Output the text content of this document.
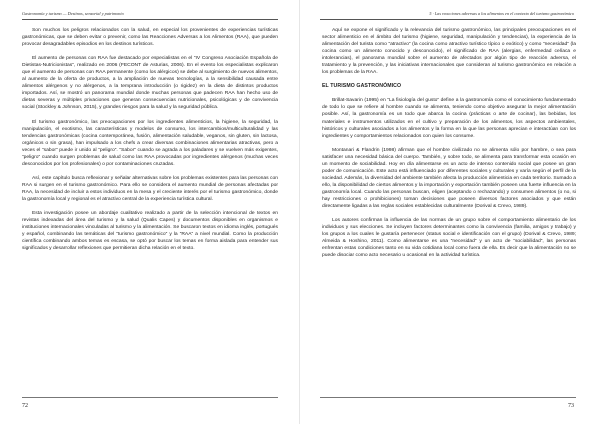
Gastronomía y turismo — Destinos, sensorial y patrimonio

Son muchos los peligros relacionados con la salud, en especial los provenientes de experiencias turísticas gastronómicas, que se deben evitar o prevenir, como las Reacciones Adversas a los Alimentos (RAA), que pueden provocar desagradables episodios en los destinos turísticos.

El aumento de personas con RAA fue destacado por especialistas en el “IV Congreso Asociación Española de Dietistas-Nutricionistas”, realizado en 2006 (FECONT de Asturias, 2006). En el evento los especialistas explicaron que el aumento de personas con RAA permanente (como los alérgicos) se debe al surgimiento de nuevos alimentos, al aumento de la oferta de productos, a la ampliación de nuevas tecnologías, a la sensibilidad causada entre alimentos alérgenos y no alérgenos, a la temprana introducción (o rigidez) en la dieta de distintos productos importados. Así, se mostró un panorama mundial donde muchas personas que padecen RAA han hecho uso de dietas severas y múltiples privaciones que generan consecuencias nutricionales, psicológicas y de convivencia social (Stockley & Johnson, 2015), y grandes riesgos para la salud y la seguridad pública.

El turismo gastronómico, las preocupaciones por los ingredientes alimenticios, la higiene, la seguridad, la manipulación, el exotismo, las características y modelos de consumo, los intercambios/multiculturalidad y las tendencias gastronómicas (cocina contemporánea, fusión, alimentación saludable, veganos, sin gluten, sin lactosa, orgánicos o sin grasa), han impulsado a los chefs a crear diversas combinaciones alimentarias atractivas, pero a veces el “sabor” puede ir unido al “peligro”. “Sabor” cuando se agrada a los paladares y se vuelven más exigentes, “peligro” cuando surgen problemas de salud como las RAA provocadas por ingredientes alérgenos (muchas veces desconocidos por los profesionales) o por contaminaciones cruzadas.

Así, este capítulo busca reflexionar y señalar alternativas sobre los problemas existentes para las personas con RAA si surgen en el turismo gastronómico. Para ello se considera el aumento mundial de personas afectadas por RAA, la necesidad de incluir a estos individuos en la mesa y el creciente interés por el turismo gastronómico, donde la gastronomía local y regional es el atractivo central de la experiencia turística cultural.

Esta investigación posee un abordaje cualitativo realizado a partir de la selección intencional de textos en revistas indexadas del área del turismo y la salud (Qualis Capes) y documentos disponibles en organismos e instituciones internacionales vinculadas al turismo y la alimentación. Se buscaron textos en idioma inglés, portugués y español, combinando las temáticas del “turismo gastronómico” y la “RAA” a nivel mundial. Como la producción científica combinando ambos temas es escasa, se optó por buscar los temas en forma aislada para entender sus significados y desarrollar reflexiones que permitieran dicha relación en el texto.

72
5 · Las reacciones adversas a los alimentos en el contexto del turismo gastronómico

Aquí se expone el significado y la relevancia del turismo gastronómico, las principales preocupaciones en el sector alimenticio en el ámbito del turismo (higiene, seguridad, manipulación y tendencias), la experiencia de la alimentación del turista como “atractivo” (la cocina como atractivo turístico típico o exótico) y como “necesidad” (la cocina como un alimento conocido y desconocido), el significado de RAA (alergias, enfermedad celíaca e intolerancias), el panorama mundial sobre el aumento de afectados por algún tipo de reacción adversa, el tratamiento y la prevención, y las iniciativas internacionales que consideran al turismo gastronómico en relación a los problemas de la RAA.

EL TURISMO GASTRONÓMICO

Brillat-Savarin (1995) en “La fisiología del gusto” define a la gastronomía como el conocimiento fundamentado de todo lo que se refiere al hombre cuando se alimenta, teniendo como objetivo asegurar la mejor alimentación posible. Así, la gastronomía es un todo que abarca la cocina (prácticas o arte de cocinar), las bebidas, los materiales e instrumentos utilizados en el cultivo y preparación de los alimentos, los aspectos ambientales, históricos y culturales asociados a los alimentos y la forma en la que las personas aprecian e interactúan con los ingredientes y comportamientos relacionados con quien los consume.

Montanari & Flandrin (1998) afirman que el hombre civilizado no se alimenta sólo por hambre, o sea para satisfacer una necesidad básica del cuerpo. También, y sobre todo, se alimenta para transformar esta ocasión en un momento de sociabilidad. Hoy en día alimentarse es un acto de intenso contenido social que posee un gran poder de comunicación. Este acto está influenciado por diferentes sociales y culturales y varía según el perfil de la sociedad. Además, la diversidad del ambiente también afecta la producción alimenticia en cada territorio. Sumado a ello, la disponibilidad de ciertos alimentos y la importación y exportación también poseen una fuerte influencia en la gastronomía local. Cuando las personas buscan, eligen (aceptando o rechazando) y consumen alimentos (o no, si hay restricciones o prohibiciones) toman decisiones que poseen diversos factores asociados y que están directamente ligadas a las reglas sociales establecidas culturalmente (Dorival & Crevo, 1989).

Los autores confirman la influencia de las normas de un grupo sobre el comportamiento alimentario de los individuos y sus elecciones. Se incluyen factores determinantes como la convivencia (familia, amigos y trabajo) y los grupos a los cuales le gustaría pertenecer (status social e identificación con el grupo) (Dorival & Crevo, 1989; Almeida & Hoshino, 2011). Como alimentarse es una “necesidad” y un acto de “sociabilidad”, las personas enfrentan estas condiciones tanto en su vida cotidiana local como fuera de ella. Es decir que la alimentación no se puede disociar como acto necesario u ocasional en la actividad turística.

73
